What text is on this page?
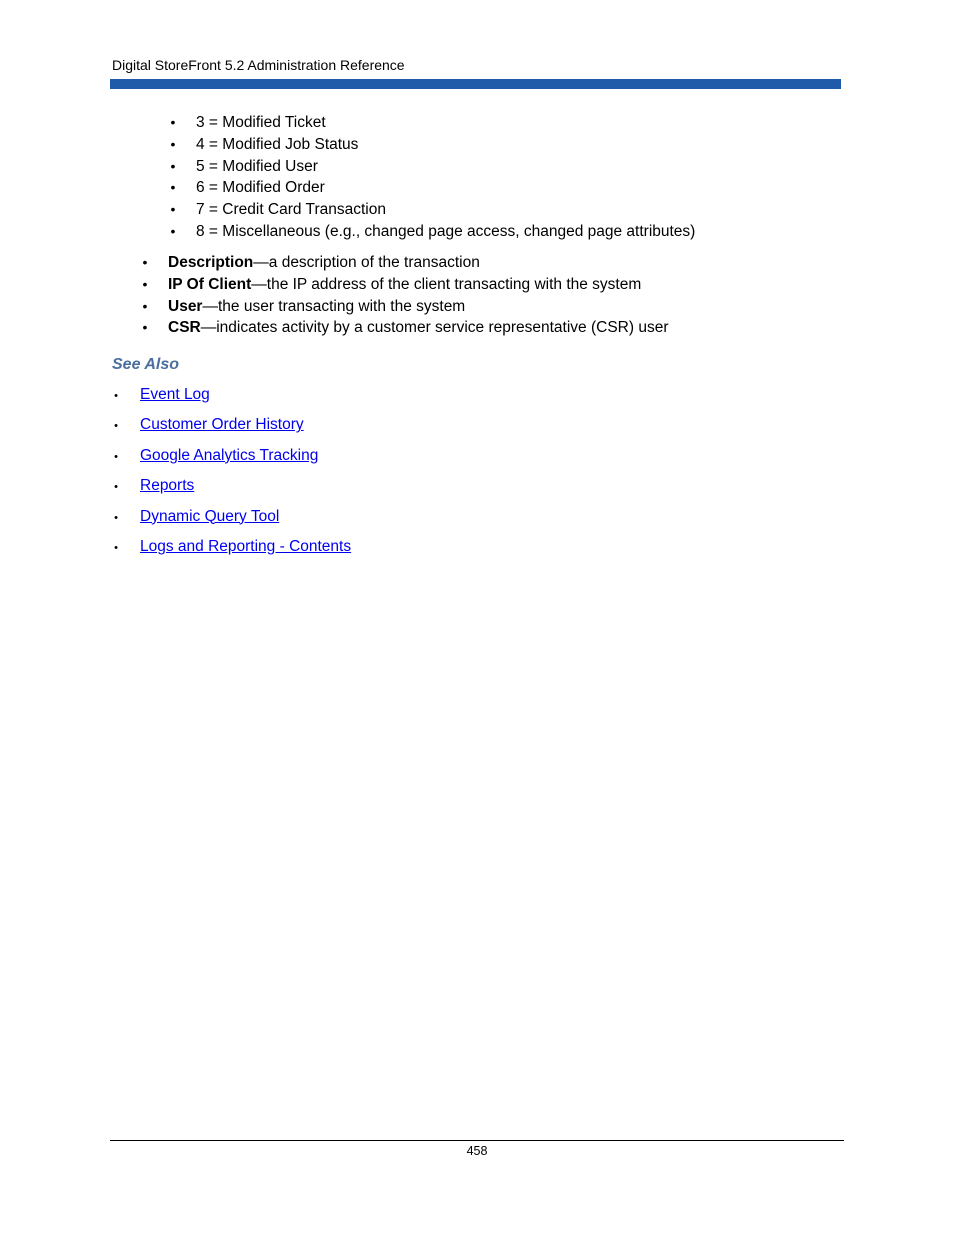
Digital StoreFront 5.2 Administration Reference
• 3 = Modified Ticket
• 4 = Modified Job Status
• 5 = Modified User
• 6 = Modified Order
• 7 = Credit Card Transaction
• 8 = Miscellaneous (e.g., changed page access, changed page attributes)
• Description—a description of the transaction
• IP Of Client—the IP address of the client transacting with the system
• User—the user transacting with the system
• CSR—indicates activity by a customer service representative (CSR) user
See Also
• Event Log
• Customer Order History
• Google Analytics Tracking
• Reports
• Dynamic Query Tool
• Logs and Reporting - Contents
458
